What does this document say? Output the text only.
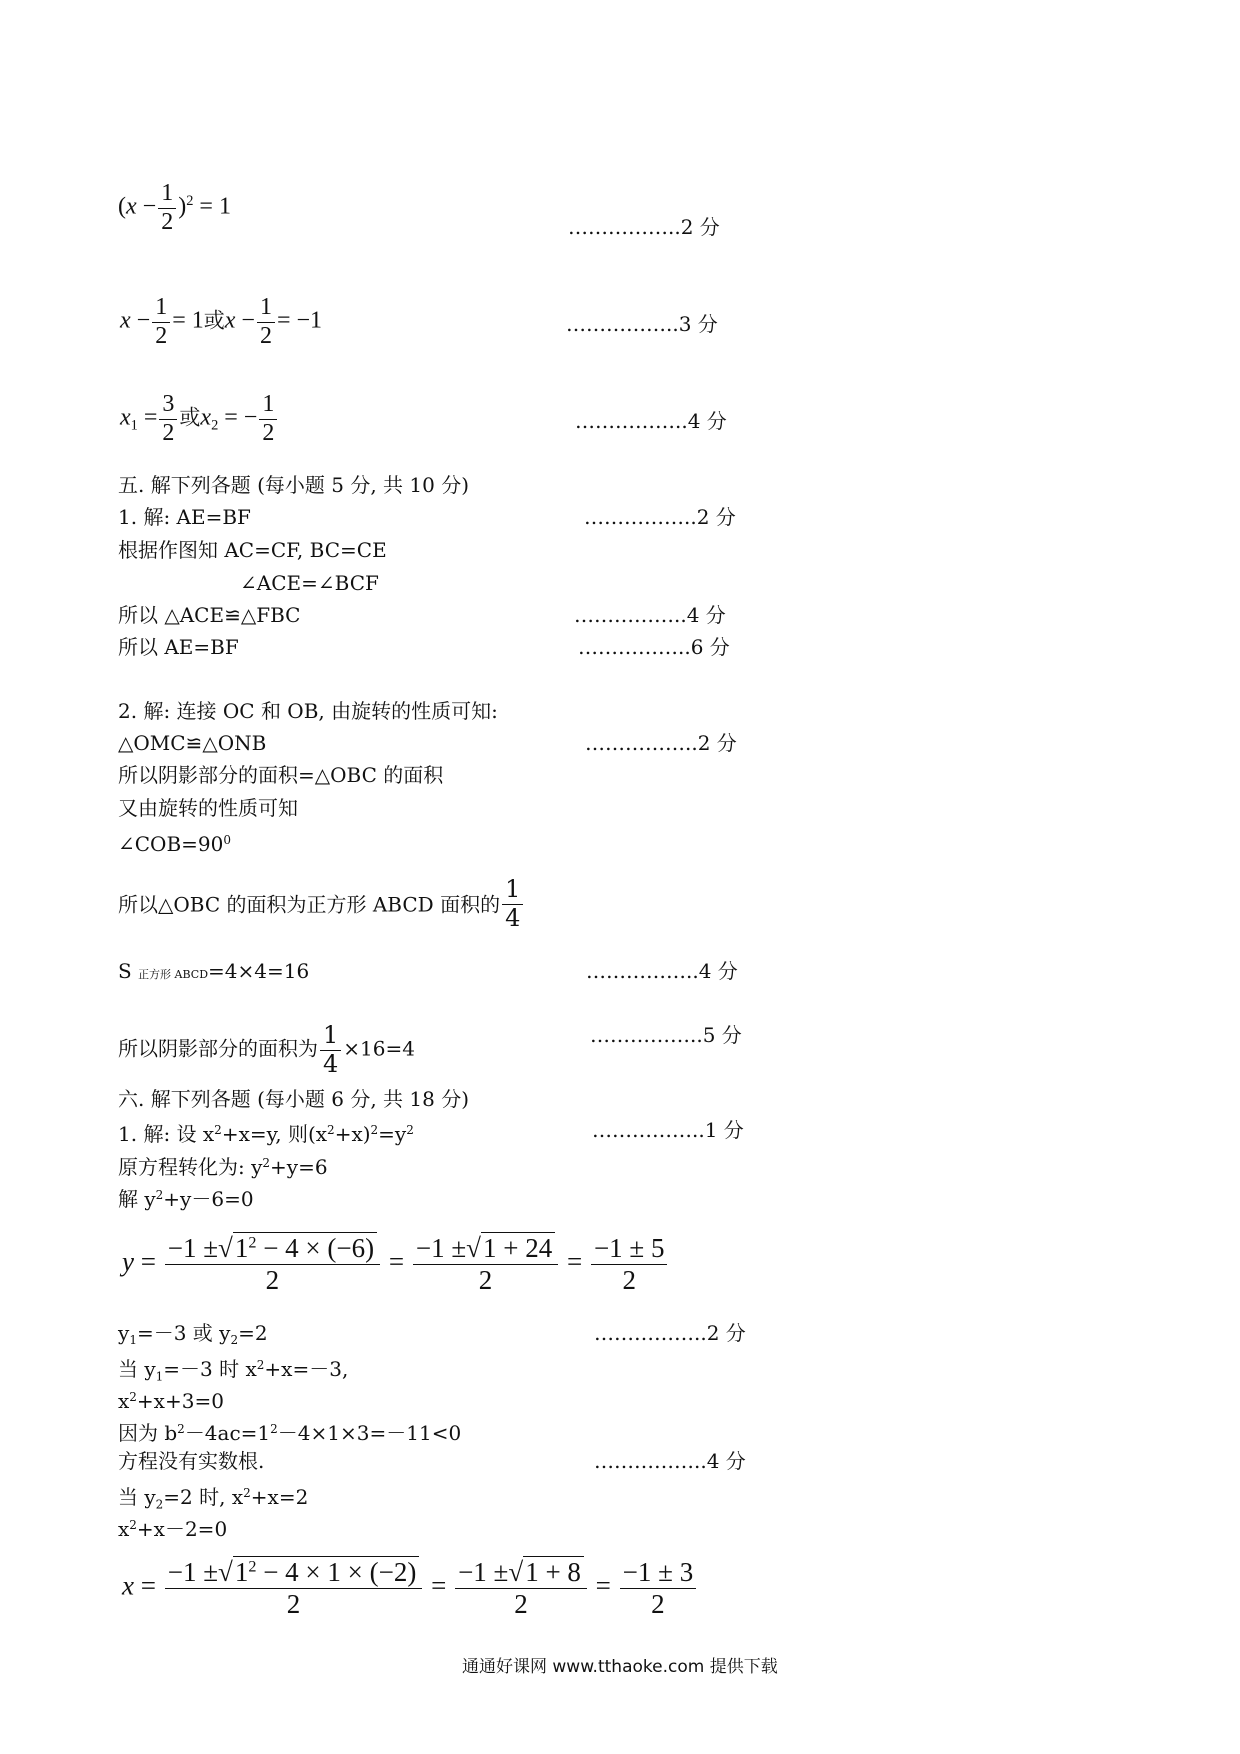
$(x - \frac{1}{2} )^2 = 1$
……………..2 分
$x - \frac{1}{2} = 1$或$x - \frac{1}{2} = -1$	……………..3 分
$x_1 = \frac{3}{2}$ 或$x_2$ = − $\frac{1}{2}$	……………..4 分
五. 解下列各题 (每小题 5 分, 共 10 分)
1. 解: AE=BF	……………..2 分
根据作图知 AC=CF, BC=CE
∠ACE=∠BCF
所以 △ACE≌△FBC	……………..4 分
所以 AE=BF	……………..6 分
2. 解: 连接 OC 和 OB, 由旋转的性质可知:
△OMC≌△ONB	……………..2 分
所以阴影部分的面积=△OBC 的面积
又由旋转的性质可知
$\angle COB=90^0$
所以△OBC 的面积为正方形 ABCD 面积的 $\frac{1}{4}$
S 正方形 ABCD=4×4=16	……………..4 分
所以阴影部分的面积为 $\frac{1}{4} \times 16=4$
……………..5 分
六. 解下列各题 (每小题 6 分, 共 18 分)
1. 解: 设 $x^2+x=y$, 则$(x^2+x)^2=y^2$	……………..1 分
原方程转化为: $y^2+y=6$
解 $y^2+y-6=0$
$y = \frac{-1 \pm√1^2 - 4 \times (-6)}{2} = \frac{-1 \pm√1 + 24}{2} = \frac{-1 \pm 5}{2}$
$y_1=-3$ 或 $y_2=2$	……………..2 分
当 $y_1=-3$ 时 $x^2+x=-3$,
$x^2+x+3=0$
因为 $b^2-4ac=1^2-4\times 1\times 3=-11<0$
方程没有实数根.	……………..4 分
当 $y_2=2$ 时, $x^2+x=2$
$x^2+x-2=0$
$x = \frac{-1 \pm√1^2 - 4 \times 1 \times (-2)}{2} = \frac{-1 \pm√1 + 8}{2} = \frac{-1 \pm 3}{2}$
通通好课网 www.tthaoke.com 提供下载
